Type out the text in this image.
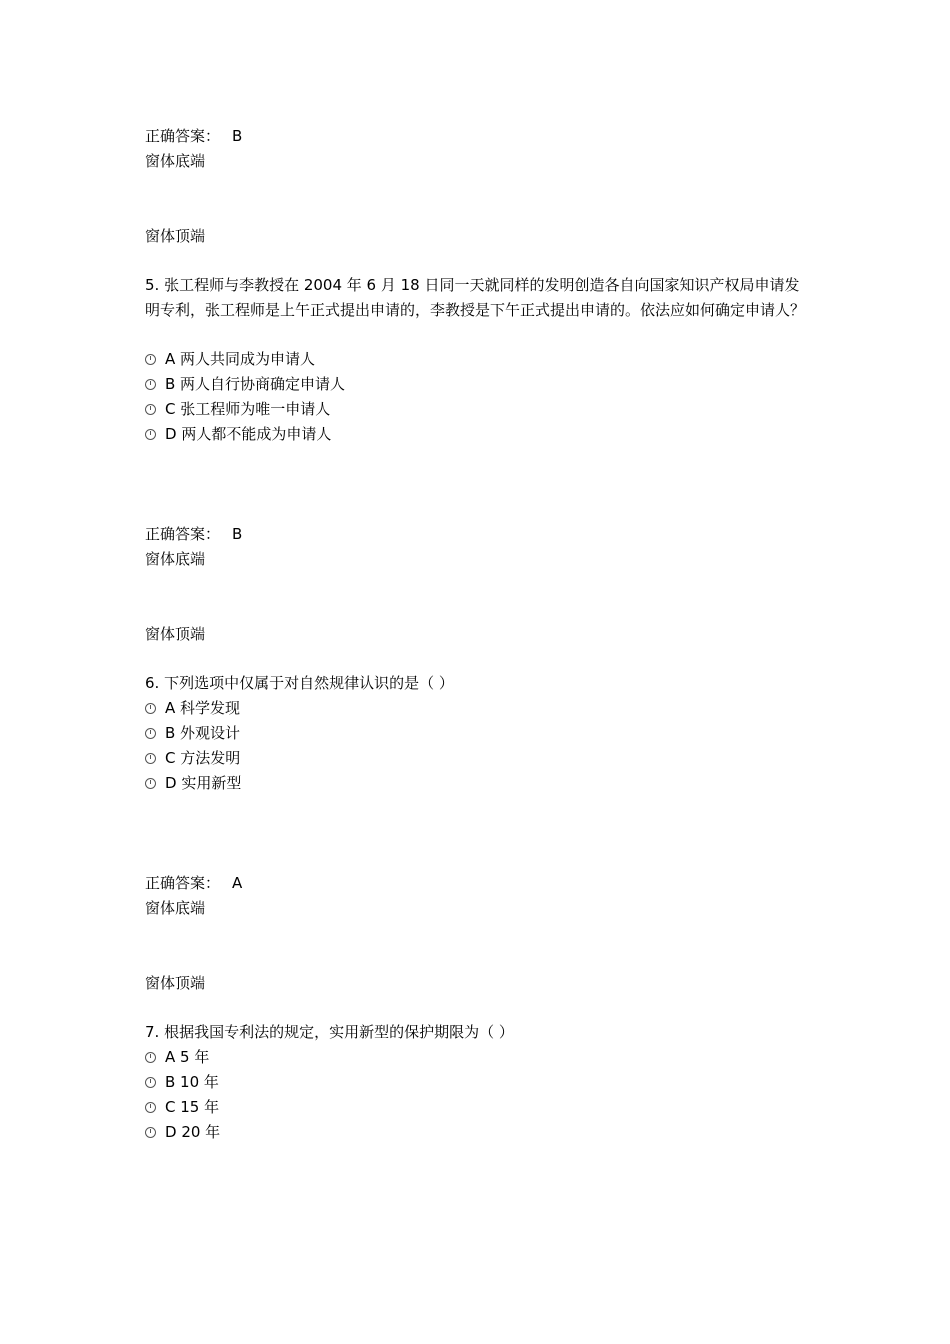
正确答案： B
窗体底端
窗体顶端
5. 张工程师与李教授在 2004 年 6 月 18 日同一天就同样的发明创造各自向国家知识产权局申请发明专利，张工程师是上午正式提出申请的，李教授是下午正式提出申请的。依法应如何确定申请人？
A 两人共同成为申请人
B 两人自行协商确定申请人
C 张工程师为唯一申请人
D 两人都不能成为申请人
正确答案： B
窗体底端
窗体顶端
6. 下列选项中仅属于对自然规律认识的是（ ）
A 科学发现
B 外观设计
C 方法发明
D 实用新型
正确答案： A
窗体底端
窗体顶端
7. 根据我国专利法的规定，实用新型的保护期限为（ ）
A 5 年
B 10 年
C 15 年
D 20 年
